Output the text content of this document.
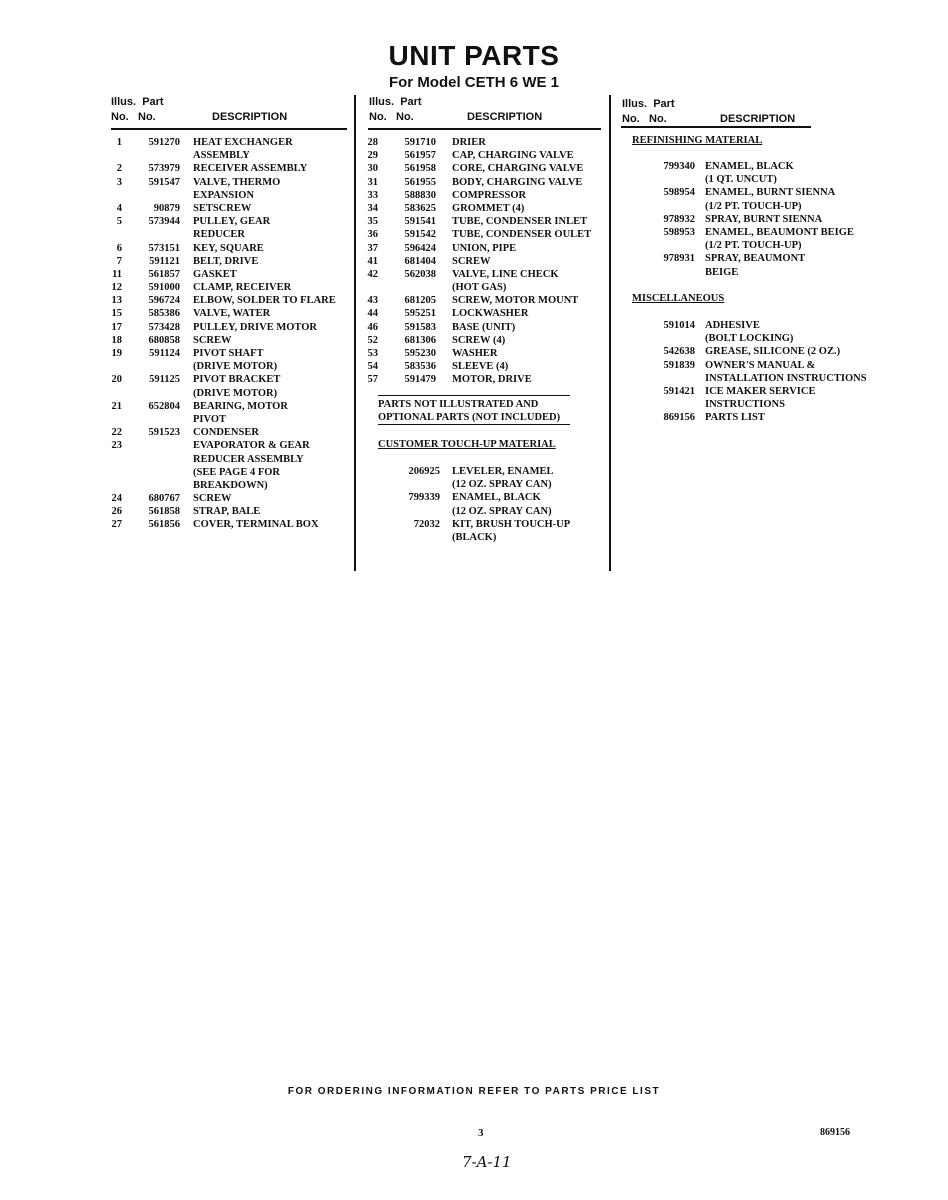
UNIT PARTS
For Model CETH 6 WE 1
Illus. Part
No. No.	DESCRIPTION
Illus. Part
No. No.	DESCRIPTION
Illus. Part
No. No.	DESCRIPTION
1	591270 HEAT EXCHANGER
ASSEMBLY
2	573979 RECEIVER ASSEMBLY
3	591547 VALVE, THERMO
EXPANSION
4	90879 SETSCREW
5	573944 PULLEY, GEAR
REDUCER
6	573151 KEY, SQUARE
7	591121 BELT, DRIVE
11	561857 GASKET
12	591000 CLAMP, RECEIVER
13	596724 ELBOW, SOLDER TO FLARE
15	585386 VALVE, WATER
17	573428 PULLEY, DRIVE MOTOR
18	680858 SCREW
19	591124 PIVOT SHAFT
(DRIVE MOTOR)
20	591125 PIVOT BRACKET
(DRIVE MOTOR)
21	652804 BEARING, MOTOR
PIVOT
22	591523 CONDENSER
23	EVAPORATOR & GEAR
REDUCER ASSEMBLY
(SEE PAGE 4 FOR
BREAKDOWN)
24	680767 SCREW
26	561858 STRAP, BALE
27	561856 COVER, TERMINAL BOX
28	591710 DRIER
29	561957 CAP, CHARGING VALVE
30	561958 CORE, CHARGING VALVE
31	561955 BODY, CHARGING VALVE
33	588830 COMPRESSOR
34	583625 GROMMET (4)
35	591541 TUBE, CONDENSER INLET
36	591542 TUBE, CONDENSER OULET
37	596424 UNION, PIPE
41	681404 SCREW
42	562038 VALVE, LINE CHECK
(HOT GAS)
43	681205 SCREW, MOTOR MOUNT
44	595251 LOCKWASHER
46	591583 BASE (UNIT)
52	681306 SCREW (4)
53	595230 WASHER
54	583536 SLEEVE (4)
57	591479 MOTOR, DRIVE
PARTS NOT ILLUSTRATED AND
OPTIONAL PARTS (NOT INCLUDED)
CUSTOMER TOUCH-UP MATERIAL
206925 LEVELER, ENAMEL
(12 OZ. SPRAY CAN)
799339 ENAMEL, BLACK
(12 OZ. SPRAY CAN)
72032 KIT, BRUSH TOUCH-UP
(BLACK)
REFINISHING MATERIAL
799340 ENAMEL, BLACK
(1 QT. UNCUT)
598954 ENAMEL, BURNT SIENNA
(1/2 PT. TOUCH-UP)
978932 SPRAY, BURNT SIENNA
598953 ENAMEL, BEAUMONT BEIGE
(1/2 PT. TOUCH-UP)
978931 SPRAY, BEAUMONT
BEIGE
MISCELLANEOUS
591014 ADHESIVE
(BOLT LOCKING)
542638 GREASE, SILICONE (2 OZ.)
591839 OWNER'S MANUAL &
INSTALLATION INSTRUCTIONS
591421 ICE MAKER SERVICE
INSTRUCTIONS
869156 PARTS LIST
FOR ORDERING INFORMATION REFER TO PARTS PRICE LIST
3	869156
7-A-11
